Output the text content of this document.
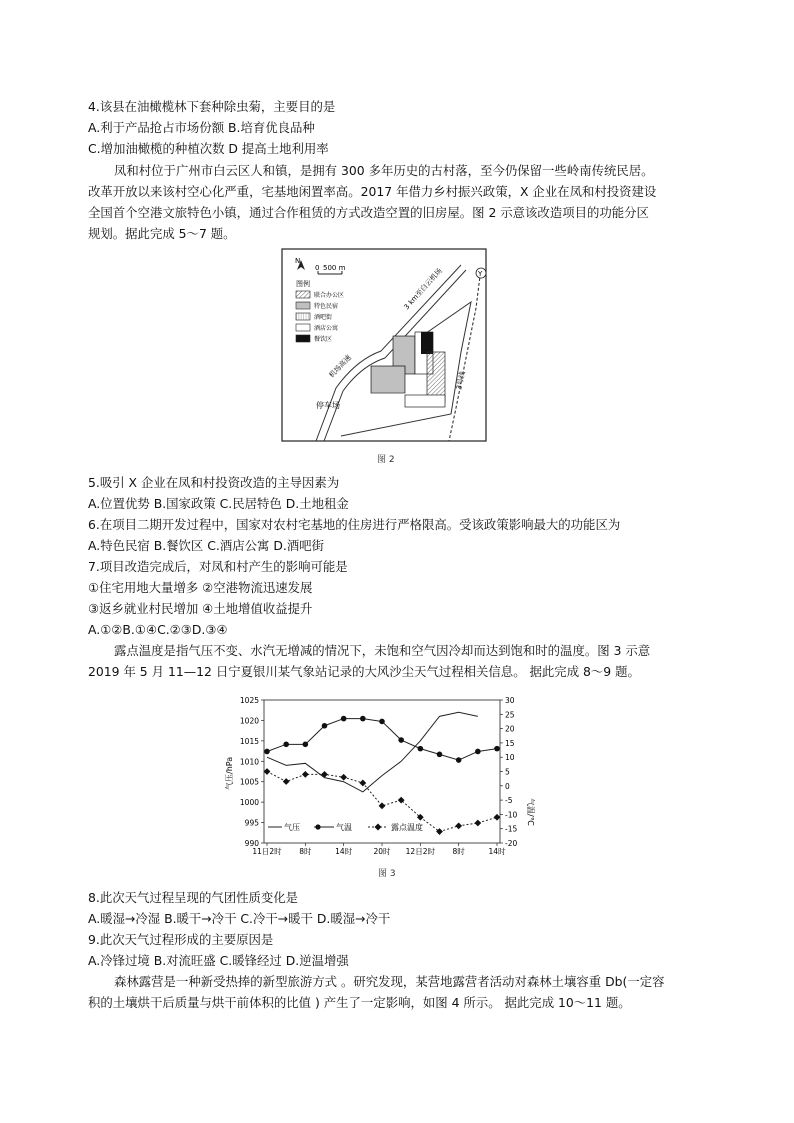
4.该县在油橄榄林下套种除虫菊，主要目的是
A.利于产品抢占市场份额 B.培育优良品种
C.增加油橄榄的种植次数 D 提高土地利用率
凤和村位于广州市白云区人和镇，是拥有 300 多年历史的古村落，至今仍保留一些岭南传统民居。
改革开放以来该村空心化严重，宅基地闲置率高。2017 年借力乡村振兴政策，X 企业在凤和村投资建设
全国首个空港文旅特色小镇，通过合作租赁的方式改造空置的旧房屋。图 2 示意该改造项目的功能分区
规划。据此完成 5～7 题。
N
0 500 m
图例
联合办公区
特色民宿
酒吧街
酒店公寓
餐饮区
3 km至白云机场
机场高速
Y
3号线
停车场
图 2
5.吸引 X 企业在凤和村投资改造的主导因素为
A.位置优势 B.国家政策 C.民居特色 D.土地租金
6.在项目二期开发过程中，国家对农村宅基地的住房进行严格限高。受该政策影响最大的功能区为
A.特色民宿 B.餐饮区 C.酒店公寓 D.酒吧街
7.项目改造完成后，对凤和村产生的影响可能是
①住宅用地大量增多 ②空港物流迅速发展
③返乡就业村民增加 ④土地增值收益提升
A.①②B.①④C.②③D.③④
露点温度是指气压不变、水汽无增减的情况下，未饱和空气因冷却而达到饱和时的温度。图 3 示意
2019 年 5 月 11—12 日宁夏银川某气象站记录的大风沙尘天气过程相关信息。 据此完成 8～9 题。
990
995
1000
1005
1010
1015
1020
1025
-20
-15
-10
-5
0
5
10
15
20
25
30
11日2时 8时	14时	20时 12日2时 8时	14时
气压/hPa
气温/℃
气压	气温	露点温度
图 3
8.此次天气过程呈现的气团性质变化是
A.暖湿→冷湿 B.暖干→冷干 C.冷干→暖干 D.暖湿→冷干
9.此次天气过程形成的主要原因是
A.冷锋过境 B.对流旺盛 C.暖锋经过 D.逆温增强
森林露营是一种新受热捧的新型旅游方式 。研究发现，某营地露营者活动对森林土壤容重 Db(一定容
积的土壤烘干后质量与烘干前体积的比值 ) 产生了一定影响，如图 4 所示。 据此完成 10～11 题。
